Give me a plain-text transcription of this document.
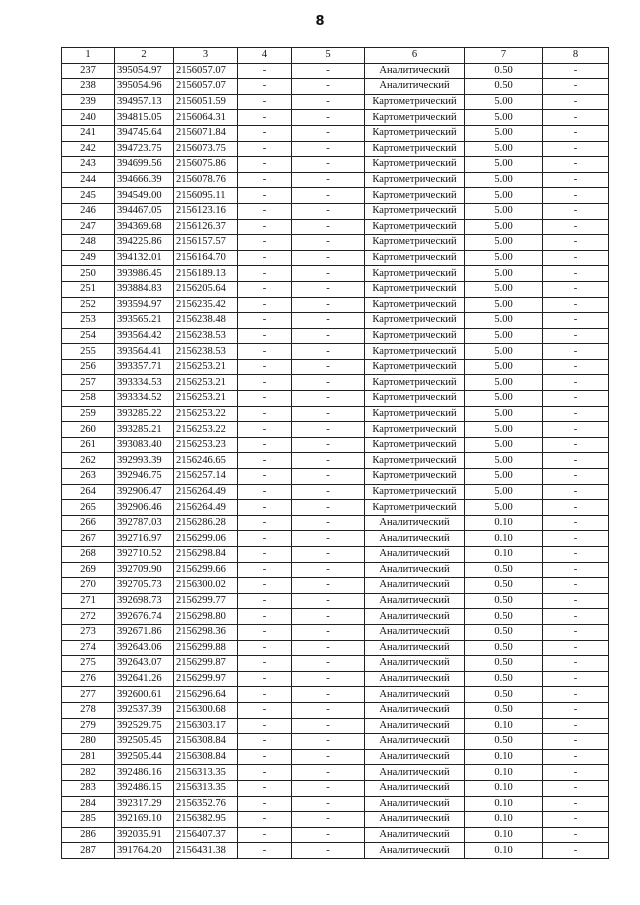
8
1	2	3	4	5	6	7	8
237	395054.97	2156057.07	-	-	Аналитический	0.50	-
238	395054.96	2156057.07	-	-	Аналитический	0.50	-
239	394957.13	2156051.59	-	-	Картометрический	5.00	-
240	394815.05	2156064.31	-	-	Картометрический	5.00	-
241	394745.64	2156071.84	-	-	Картометрический	5.00	-
242	394723.75	2156073.75	-	-	Картометрический	5.00	-
243	394699.56	2156075.86	-	-	Картометрический	5.00	-
244	394666.39	2156078.76	-	-	Картометрический	5.00	-
245	394549.00	2156095.11	-	-	Картометрический	5.00	-
246	394467.05	2156123.16	-	-	Картометрический	5.00	-
247	394369.68	2156126.37	-	-	Картометрический	5.00	-
248	394225.86	2156157.57	-	-	Картометрический	5.00	-
249	394132.01	2156164.70	-	-	Картометрический	5.00	-
250	393986.45	2156189.13	-	-	Картометрический	5.00	-
251	393884.83	2156205.64	-	-	Картометрический	5.00	-
252	393594.97	2156235.42	-	-	Картометрический	5.00	-
253	393565.21	2156238.48	-	-	Картометрический	5.00	-
254	393564.42	2156238.53	-	-	Картометрический	5.00	-
255	393564.41	2156238.53	-	-	Картометрический	5.00	-
256	393357.71	2156253.21	-	-	Картометрический	5.00	-
257	393334.53	2156253.21	-	-	Картометрический	5.00	-
258	393334.52	2156253.21	-	-	Картометрический	5.00	-
259	393285.22	2156253.22	-	-	Картометрический	5.00	-
260	393285.21	2156253.22	-	-	Картометрический	5.00	-
261	393083.40	2156253.23	-	-	Картометрический	5.00	-
262	392993.39	2156246.65	-	-	Картометрический	5.00	-
263	392946.75	2156257.14	-	-	Картометрический	5.00	-
264	392906.47	2156264.49	-	-	Картометрический	5.00	-
265	392906.46	2156264.49	-	-	Картометрический	5.00	-
266	392787.03	2156286.28	-	-	Аналитический	0.10	-
267	392716.97	2156299.06	-	-	Аналитический	0.10	-
268	392710.52	2156298.84	-	-	Аналитический	0.10	-
269	392709.90	2156299.66	-	-	Аналитический	0.50	-
270	392705.73	2156300.02	-	-	Аналитический	0.50	-
271	392698.73	2156299.77	-	-	Аналитический	0.50	-
272	392676.74	2156298.80	-	-	Аналитический	0.50	-
273	392671.86	2156298.36	-	-	Аналитический	0.50	-
274	392643.06	2156299.88	-	-	Аналитический	0.50	-
275	392643.07	2156299.87	-	-	Аналитический	0.50	-
276	392641.26	2156299.97	-	-	Аналитический	0.50	-
277	392600.61	2156296.64	-	-	Аналитический	0.50	-
278	392537.39	2156300.68	-	-	Аналитический	0.50	-
279	392529.75	2156303.17	-	-	Аналитический	0.10	-
280	392505.45	2156308.84	-	-	Аналитический	0.50	-
281	392505.44	2156308.84	-	-	Аналитический	0.10	-
282	392486.16	2156313.35	-	-	Аналитический	0.10	-
283	392486.15	2156313.35	-	-	Аналитический	0.10	-
284	392317.29	2156352.76	-	-	Аналитический	0.10	-
285	392169.10	2156382.95	-	-	Аналитический	0.10	-
286	392035.91	2156407.37	-	-	Аналитический	0.10	-
287	391764.20	2156431.38	-	-	Аналитический	0.10	-
